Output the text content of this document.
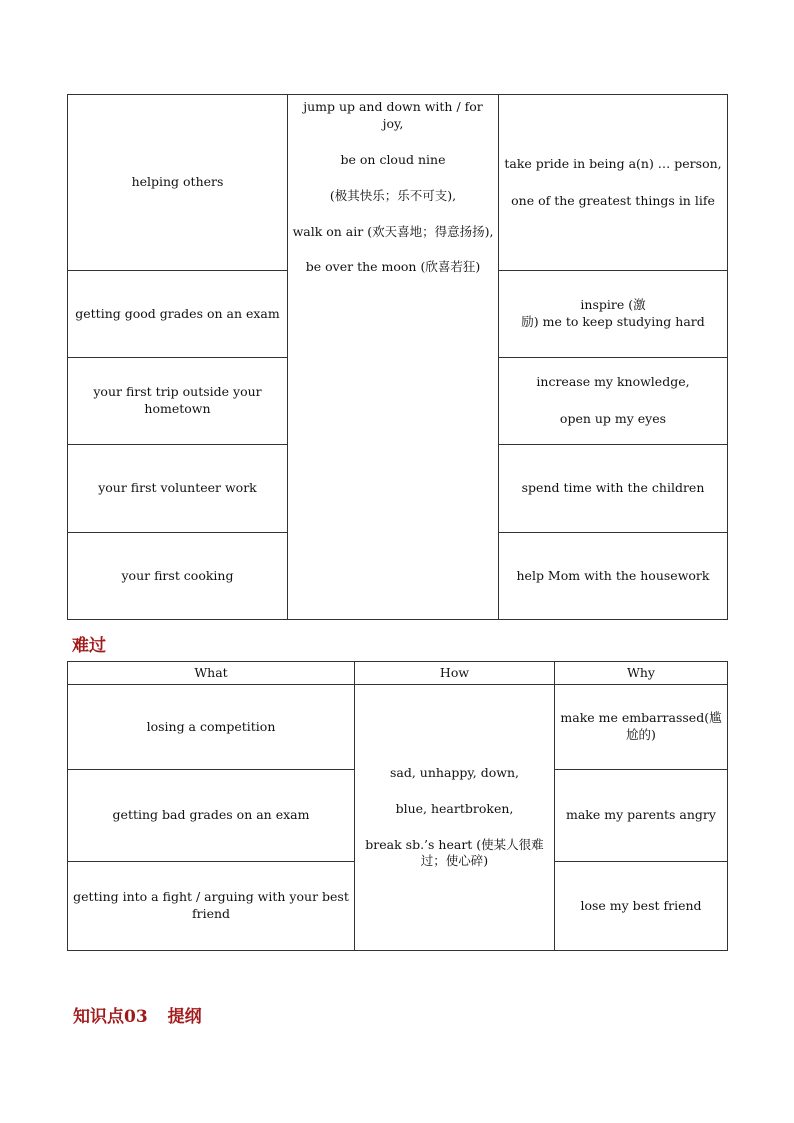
helping others	jump up and down with / for joy,
be on cloud nine
(极其快乐；乐不可支),
walk on air (欢天喜地；得意扬扬),
be over the moon (欣喜若狂)	take pride in being a(n) … person,
one of the greatest things in life

getting good grades on an exam		inspire (激
励) me to keep studying hard

your first trip outside your hometown		increase my knowledge,
open up my eyes

your first volunteer work		spend time with the children
your first cooking		help Mom with the housework
难过
What	How	Why
losing a competition	sad, unhappy, down,
blue, heartbroken,
break sb.’s heart (使某人很难过；使心碎)	make me embarrassed(尴尬的)
getting bad grades on an exam		make my parents angry
getting into a fight / arguing with your best friend		lose my best friend
知识点03 提纲
